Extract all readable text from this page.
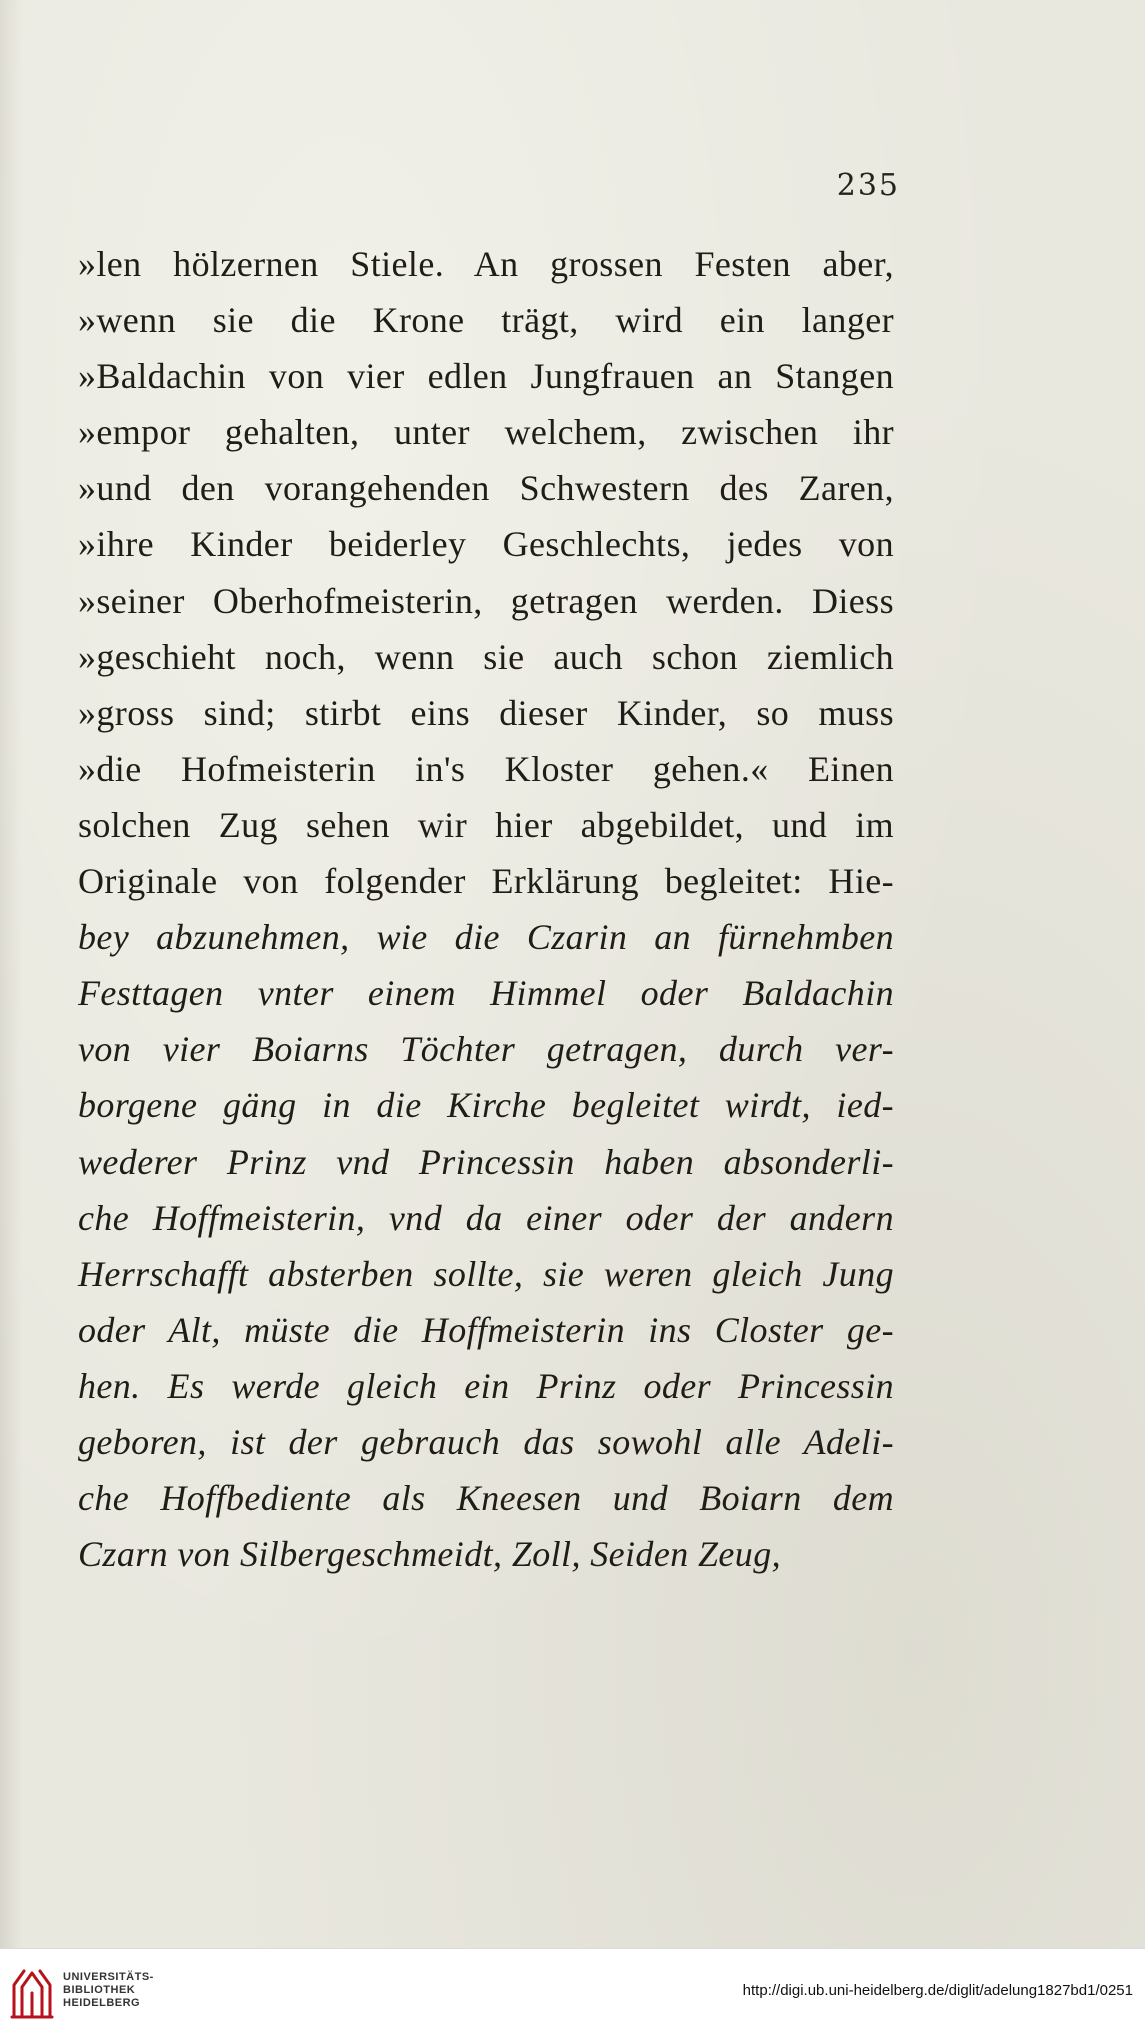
235
»len hölzernen Stiele. An grossen Festen aber,
»wenn sie die Krone trägt, wird ein langer
»Baldachin von vier edlen Jungfrauen an Stangen
»empor gehalten, unter welchem, zwischen ihr
»und den vorangehenden Schwestern des Zaren,
»ihre Kinder beiderley Geschlechts, jedes von
»seiner Oberhofmeisterin, getragen werden. Diess
»geschieht noch, wenn sie auch schon ziemlich
»gross sind; stirbt eins dieser Kinder, so muss
»die Hofmeisterin in's Kloster gehen.« Einen
solchen Zug sehen wir hier abgebildet, und im
Originale von folgender Erklärung begleitet: Hie-
bey abzunehmen, wie die Czarin an fürnehmben
Festtagen vnter einem Himmel oder Baldachin
von vier Boiarns Töchter getragen, durch ver-
borgene gäng in die Kirche begleitet wirdt, ied-
wederer Prinz vnd Princessin haben absonderli-
che Hoffmeisterin, vnd da einer oder der andern
Herrschafft absterben sollte, sie weren gleich Jung
oder Alt, müste die Hoffmeisterin ins Closter ge-
hen. Es werde gleich ein Prinz oder Princessin
geboren, ist der gebrauch das sowohl alle Adeli-
che Hoffbediente als Kneesen und Boiarn dem
Czarn von Silbergeschmeidt, Zoll, Seiden Zeug,
UNIVERSITÄTS-
BIBLIOTHEK
HEIDELBERG
http://digi.ub.uni-heidelberg.de/diglit/adelung1827bd1/0251
